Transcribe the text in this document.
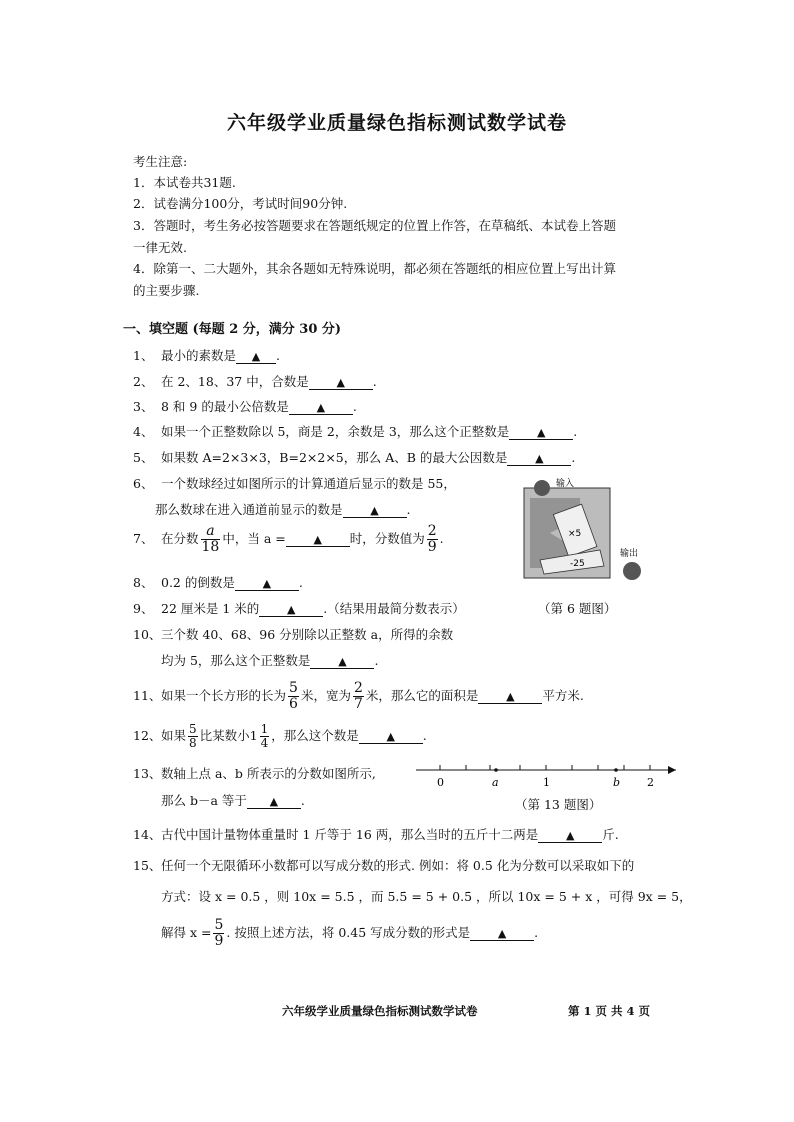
六年级学业质量绿色指标测试数学试卷
考生注意:
1．本试卷共31题.
2．试卷满分100分，考试时间90分钟.
3．答题时，考生务必按答题要求在答题纸规定的位置上作答，在草稿纸、本试卷上答题
一律无效.
4．除第一、二大题外，其余各题如无特殊说明，都必须在答题纸的相应位置上写出计算
的主要步骤.
一、填空题 (每题 2 分，满分 30 分)
1、 最小的素数是 ▲ .
2、 在 2、18、37 中，合数是	▲ .
3、 8 和 9 的最小公倍数是	▲ .
4、 如果一个正整数除以 5，商是 2，余数是 3，那么这个正整数是	▲ .
5、 如果数 A=2×3×3，B=2×2×5，那么 A、B 的最大公因数是	▲ .
6、 一个数球经过如图所示的计算通道后显示的数是 55，
那么数球在进入通道前显示的数是	▲ .
7、 在分数 $\frac{a}{18}$ 中，当 a =	▲ 时，分数值为 $\frac{2}{9}$ .
8、 0.2 的倒数是	▲ .
9、 22 厘米是 1 米的	▲ .（结果用最简分数表示）
10、三个数 40、68、96 分别除以正整数 a，所得的余数
均为 5，那么这个正整数是	▲ .
11、如果一个长方形的长为 $\frac{5}{6}$ 米，宽为 $\frac{2}{7}$ 米，那么它的面积是	▲ 平方米.
12、如果 $\frac{5}{8}$ 比某数小$1 \frac{1}{4}$ ，那么这个数是	▲ .
13、数轴上点 a、b 所表示的分数如图所示,
那么 b－a 等于 ▲ .
14、古代中国计量物体重量时 1 斤等于 16 两，那么当时的五斤十二两是	▲ 斤.
15、任何一个无限循环小数都可以写成分数的形式. 例如：将 0.5̇ 化为分数可以采取如下的
方式：设 x = 0.5̇ ，则 10x = 5.5̇ ，而 5.5̇ = 5 + 0.5̇ ，所以 10x = 5 + x ，可得 9x = 5，
解得 $x = \frac{5}{9}$ . 按照上述方法，将 0.4̇5̇ 写成分数的形式是	▲ .
输入
输出
×5
-25
（第 6 题图）
0	a	1	b 2
（第 13 题图）
六年级学业质量绿色指标测试数学试卷	第 1 页 共 4 页
